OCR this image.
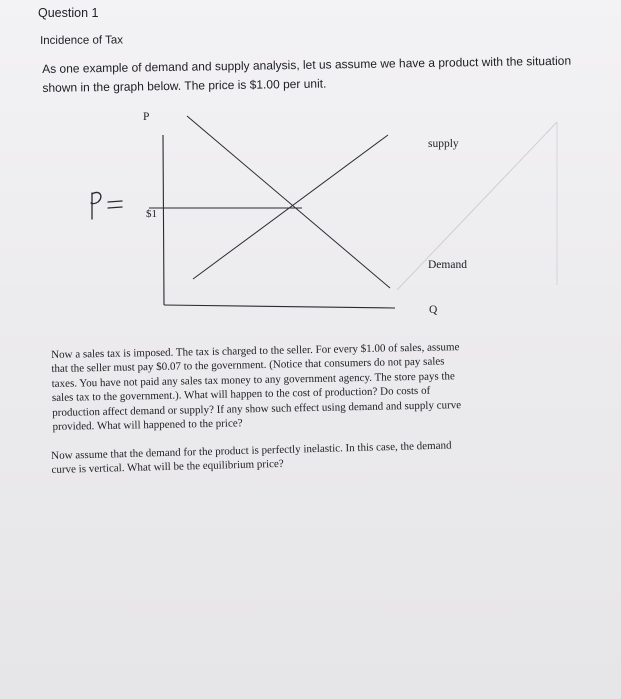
Question 1
Incidence of Tax
As one example of demand and supply analysis, let us assume we have a product with the situation
shown in the graph below. The price is $1.00 per unit.
P
$1
supply
Demand
Q
Now a sales tax is imposed. The tax is charged to the seller. For every $1.00 of sales, assume
that the seller must pay $0.07 to the government. (Notice that consumers do not pay sales
taxes. You have not paid any sales tax money to any government agency. The store pays the
sales tax to the government.). What will happen to the cost of production? Do costs of
production affect demand or supply? If any show such effect using demand and supply curve
provided. What will happened to the price?
Now assume that the demand for the product is perfectly inelastic. In this case, the demand
curve is vertical. What will be the equilibrium price?
